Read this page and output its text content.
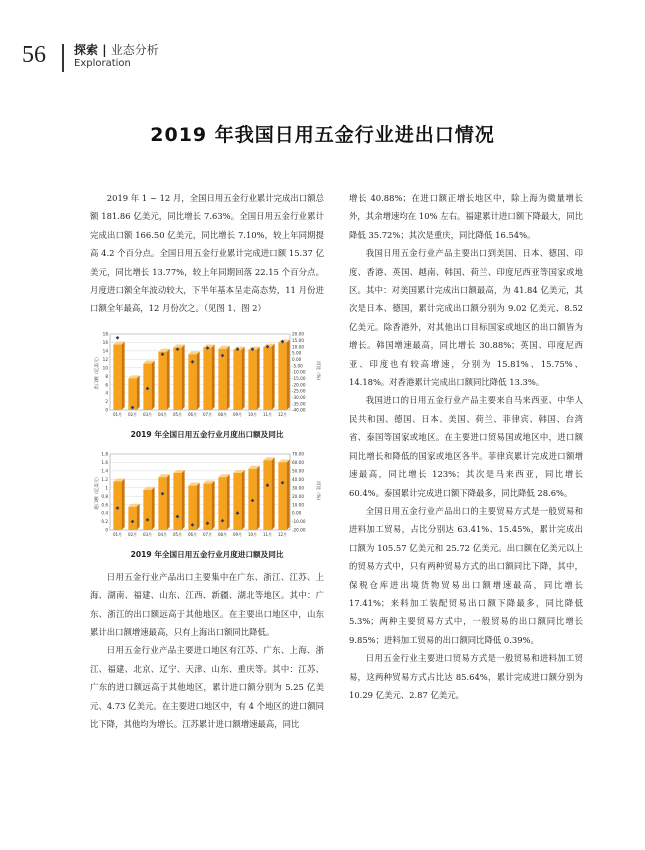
56 探索 | 业态分析
Exploration
2019 年我国日用五金行业进出口情况

2019 年 1 ~ 12 月，全国日用五金行业累计完成出口额总额 181.86 亿美元，同比增长 7.63%。全国日用五金行业累计完成出口额 166.50 亿美元，同比增长 7.10%，较上年同期提高 4.2 个百分点。全国日用五金行业累计完成进口额 15.37 亿美元，同比增长 13.77%，较上年同期回落 22.15 个百分点。月度进口额全年波动较大，下半年基本呈走高态势，11 月份进口额全年最高，12 月份次之。（见图 1、图 2）

0
2
4
6
8
10
12
14
16
18
-40.00
-35.00
-30.00
-25.00
-20.00
-15.00
-10.00
-5.00
0.00
5.00
10.00
15.00
20.00
出口额（亿美元）	同比（%）
01月 02月 03月 04月 05月 06月 07月 08月 09月 10月 11月 12月
2019 年全国日用五金行业月度出口额及同比
0
0.2
0.4
0.6
0.8
1
1.2
1.4
1.6
1.8
-20.00
-10.00
0.00
10.00
20.00
30.00
40.00
50.00
60.00
70.00
进口额（亿美元）	同比（%）
01月 02月 03月 04月 05月 06月 07月 08月 09月 10月 11月 12月
2019 年全国日用五金行业月度进口额及同比

日用五金行业产品出口主要集中在广东、浙江、江苏、上海、湖南、福建、山东、江西、新疆、湖北等地区。其中：广东、浙江的出口额远高于其他地区。在主要出口地区中，山东累计出口额增速最高，只有上海出口额同比降低。

日用五金行业产品主要进口地区有江苏、广东、上海、浙江、福建、北京、辽宁、天津、山东、重庆等。其中：江苏、广东的进口额远高于其他地区，累计进口额分别为 5.25 亿美元、4.73 亿美元。在主要进口地区中，有 4 个地区的进口额同比下降，其他均为增长。江苏累计进口额增速最高，同比

增长 40.88%；在进口额正增长地区中，除上海为微量增长外，其余增速均在 10% 左右。福建累计进口额下降最大，同比降低 35.72%；其次是重庆，同比降低 16.54%。

我国日用五金行业产品主要出口到美国、日本、德国、印度、香港、英国、越南、韩国、荷兰、印度尼西亚等国家或地区。其中：对美国累计完成出口额最高，为 41.84 亿美元，其次是日本、德国，累计完成出口额分别为 9.02 亿美元、8.52 亿美元。除香港外，对其他出口目标国家或地区的出口额皆为增长。韩国增速最高，同比增长 30.88%；英国、印度尼西亚、印度也有较高增速，分别为 15.81%、15.75%、14.18%。对香港累计完成出口额同比降低 13.3%。

我国进口的日用五金行业产品主要来自马来西亚、中华人民共和国、德国、日本、美国、荷兰、菲律宾、韩国、台湾省、泰国等国家或地区。在主要进口贸易国或地区中，进口额同比增长和降低的国家或地区各半。菲律宾累计完成进口额增速最高，同比增长 123%；其次是马来西亚，同比增长 60.4%。泰国累计完成进口额下降最多，同比降低 28.6%。

全国日用五金行业产品出口的主要贸易方式是一般贸易和进料加工贸易，占比分别达 63.41%、15.45%，累计完成出口额为 105.57 亿美元和 25.72 亿美元。出口额在亿美元以上的贸易方式中，只有两种贸易方式的出口额同比下降，其中，保税仓库进出境货物贸易出口额增速最高，同比增长 17.41%；来料加工装配贸易出口额下降最多，同比降低 5.3%；两种主要贸易方式中，一般贸易的出口额同比增长 9.85%；进料加工贸易的出口额同比降低 0.39%。

日用五金行业主要进口贸易方式是一般贸易和进料加工贸易，这两种贸易方式占比达 85.64%，累计完成进口额分别为 10.29 亿美元、2.87 亿美元。
